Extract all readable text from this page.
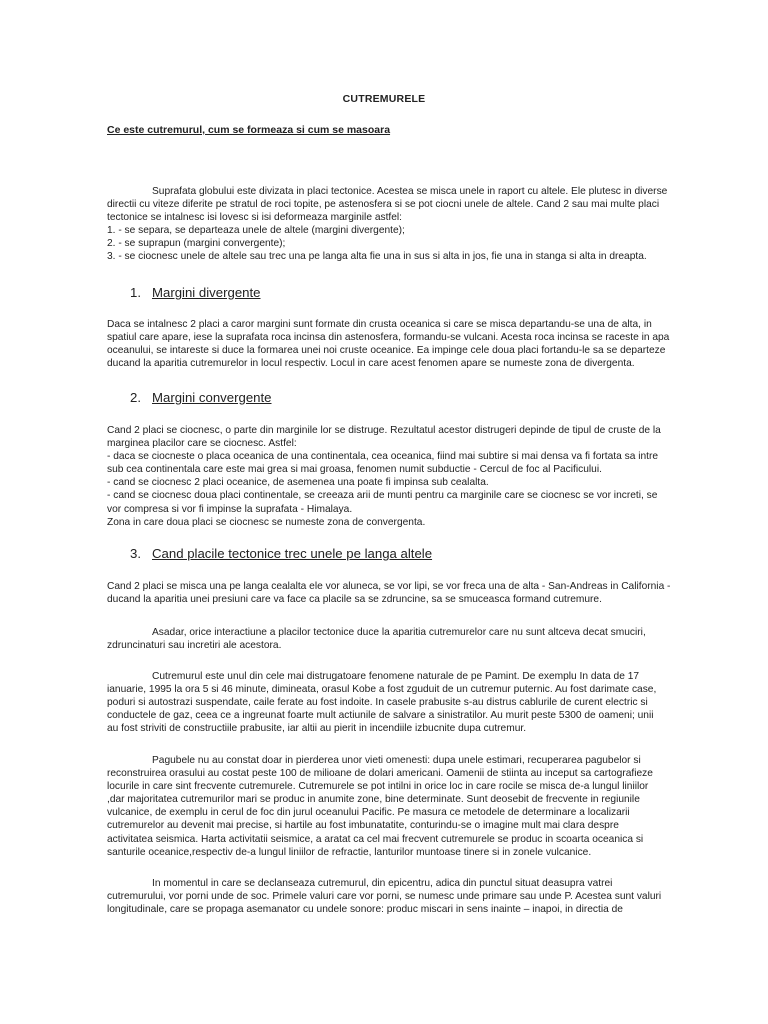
CUTREMURELE
Ce este cutremurul, cum se formeaza si cum se masoara
Suprafata globului este divizata in placi tectonice. Acestea se misca unele in raport cu altele. Ele plutesc in diverse
directii cu viteze diferite pe stratul de roci topite, pe astenosfera si se pot ciocni unele de altele. Cand 2 sau mai multe placi
tectonice se intalnesc isi lovesc si isi deformeaza marginile astfel:
1. - se separa, se departeaza unele de altele (margini divergente);
2. - se suprapun (margini convergente);
3. - se ciocnesc unele de altele sau trec una pe langa alta fie una in sus si alta in jos, fie una in stanga si alta in dreapta.
1. Margini divergente
Daca se intalnesc 2 placi a caror margini sunt formate din crusta oceanica si care se misca departandu-se una de alta, in
spatiul care apare, iese la suprafata roca incinsa din astenosfera, formandu-se vulcani. Acesta roca incinsa se raceste in apa
oceanului, se intareste si duce la formarea unei noi cruste oceanice. Ea impinge cele doua placi fortandu-le sa se departeze
ducand la aparitia cutremurelor in locul respectiv. Locul in care acest fenomen apare se numeste zona de divergenta.
2. Margini convergente
Cand 2 placi se ciocnesc, o parte din marginile lor se distruge. Rezultatul acestor distrugeri depinde de tipul de cruste de la
marginea placilor care se ciocnesc. Astfel:
- daca se ciocneste o placa oceanica de una continentala, cea oceanica, fiind mai subtire si mai densa va fi fortata sa intre
sub cea continentala care este mai grea si mai groasa, fenomen numit subductie - Cercul de foc al Pacificului.
- cand se ciocnesc 2 placi oceanice, de asemenea una poate fi impinsa sub cealalta.
- cand se ciocnesc doua placi continentale, se creeaza arii de munti pentru ca marginile care se ciocnesc se vor increti, se
vor compresa si vor fi impinse la suprafata - Himalaya.
Zona in care doua placi se ciocnesc se numeste zona de convergenta.
3. Cand placile tectonice trec unele pe langa altele
Cand 2 placi se misca una pe langa cealalta ele vor aluneca, se vor lipi, se vor freca una de alta - San-Andreas in California -
ducand la aparitia unei presiuni care va face ca placile sa se zdruncine, sa se smuceasca formand cutremure.
Asadar, orice interactiune a placilor tectonice duce la aparitia cutremurelor care nu sunt altceva decat smuciri,
zdruncinaturi sau incretiri ale acestora.
Cutremurul este unul din cele mai distrugatoare fenomene naturale de pe Pamint. De exemplu In data de 17
ianuarie, 1995 la ora 5 si 46 minute, dimineata, orasul Kobe a fost zguduit de un cutremur puternic. Au fost darimate case,
poduri si autostrazi suspendate, caile ferate au fost indoite. In casele prabusite s-au distrus cablurile de curent electric si
conductele de gaz, ceea ce a ingreunat foarte mult actiunile de salvare a sinistratilor. Au murit peste 5300 de oameni; unii
au fost striviti de constructiile prabusite, iar altii au pierit in incendiile izbucnite dupa cutremur.
Pagubele nu au constat doar in pierderea unor vieti omenesti: dupa unele estimari, recuperarea pagubelor si
reconstruirea orasului au costat peste 100 de milioane de dolari americani. Oamenii de stiinta au inceput sa cartografieze
locurile in care sint frecvente cutremurele. Cutremurele se pot intilni in orice loc in care rocile se misca de-a lungul liniilor
,dar majoritatea cutremurilor mari se produc in anumite zone, bine determinate. Sunt deosebit de frecvente in regiunile
vulcanice, de exemplu in cerul de foc din jurul oceanului Pacific. Pe masura ce metodele de determinare a localizarii
cutremurelor au devenit mai precise, si hartile au fost imbunatatite, conturindu-se o imagine mult mai clara despre
activitatea seismica. Harta activitatii seismice, a aratat ca cel mai frecvent cutremurele se produc in scoarta oceanica si
santurile oceanice,respectiv de-a lungul liniilor de refractie, lanturilor muntoase tinere si in zonele vulcanice.
In momentul in care se declanseaza cutremurul, din epicentru, adica din punctul situat deasupra vatrei
cutremurului, vor porni unde de soc. Primele valuri care vor porni, se numesc unde primare sau unde P. Acestea sunt valuri
longitudinale, care se propaga asemanator cu undele sonore: produc miscari in sens inainte – inapoi, in directia de
